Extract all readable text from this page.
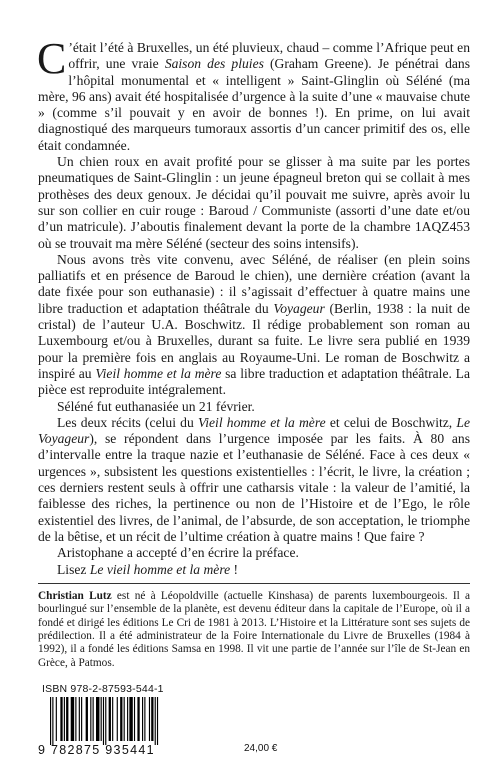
C ’était l’été à Bruxelles, un été pluvieux, chaud – comme l’Afrique peut en offrir, une vraie Saison des pluies (Graham Greene). Je pénétrai dans l’hôpital monumental et « intelligent » Saint-Glinglin où Séléné (ma mère, 96 ans) avait été hospitalisée d’urgence à la suite d’une « mauvaise chute » (comme s’il pouvait y en avoir de bonnes !). En prime, on lui avait diagnostiqué des marqueurs tumoraux assortis d’un cancer primitif des os, elle était condamnée.

Un chien roux en avait profité pour se glisser à ma suite par les portes pneumatiques de Saint-Glinglin : un jeune épagneul breton qui se collait à mes prothèses des deux genoux. Je décidai qu’il pouvait me suivre, après avoir lu sur son collier en cuir rouge : Baroud / Communiste (assorti d’une date et/ou d’un matricule). J’aboutis finalement devant la porte de la chambre 1AQZ453 où se trouvait ma mère Séléné (secteur des soins intensifs).

Nous avons très vite convenu, avec Séléné, de réaliser (en plein soins palliatifs et en présence de Baroud le chien), une dernière création (avant la date fixée pour son euthanasie) : il s’agissait d’effectuer à quatre mains une libre traduction et adaptation théâtrale du Voyageur (Berlin, 1938 : la nuit de cristal) de l’auteur U.A. Boschwitz. Il rédige probablement son roman au Luxembourg et/ou à Bruxelles, durant sa fuite. Le livre sera publié en 1939 pour la première fois en anglais au Royaume-Uni. Le roman de Boschwitz a inspiré au Vieil homme et la mère sa libre traduction et adaptation théâtrale. La pièce est reproduite intégralement.

Séléné fut euthanasiée un 21 février.

Les deux récits (celui du Vieil homme et la mère et celui de Boschwitz, Le Voyageur), se répondent dans l’urgence imposée par les faits. À 80 ans d’intervalle entre la traque nazie et l’euthanasie de Séléné. Face à ces deux « urgences », subsistent les questions existentielles : l’écrit, le livre, la création ; ces derniers restent seuls à offrir une catharsis vitale : la valeur de l’amitié, la faiblesse des riches, la pertinence ou non de l’Histoire et de l’Ego, le rôle existentiel des livres, de l’animal, de l’absurde, de son acceptation, le triomphe de la bêtise, et un récit de l’ultime création à quatre mains ! Que faire ?

Aristophane a accepté d’en écrire la préface.

Lisez Le vieil homme et la mère !

Christian Lutz est né à Léopoldville (actuelle Kinshasa) de parents luxembourgeois. Il a bourlingué sur l’ensemble de la planète, est devenu éditeur dans la capitale de l’Europe, où il a fondé et dirigé les éditions Le Cri de 1981 à 2013. L’Histoire et la Littérature sont ses sujets de prédilection. Il a été administrateur de la Foire Internationale du Livre de Bruxelles (1984 à 1992), il a fondé les éditions Samsa en 1998. Il vit une partie de l’année sur l’île de St-Jean en Grèce, à Patmos.

ISBN 978-2-87593-544-1
9 782875 935441	24,00 €
